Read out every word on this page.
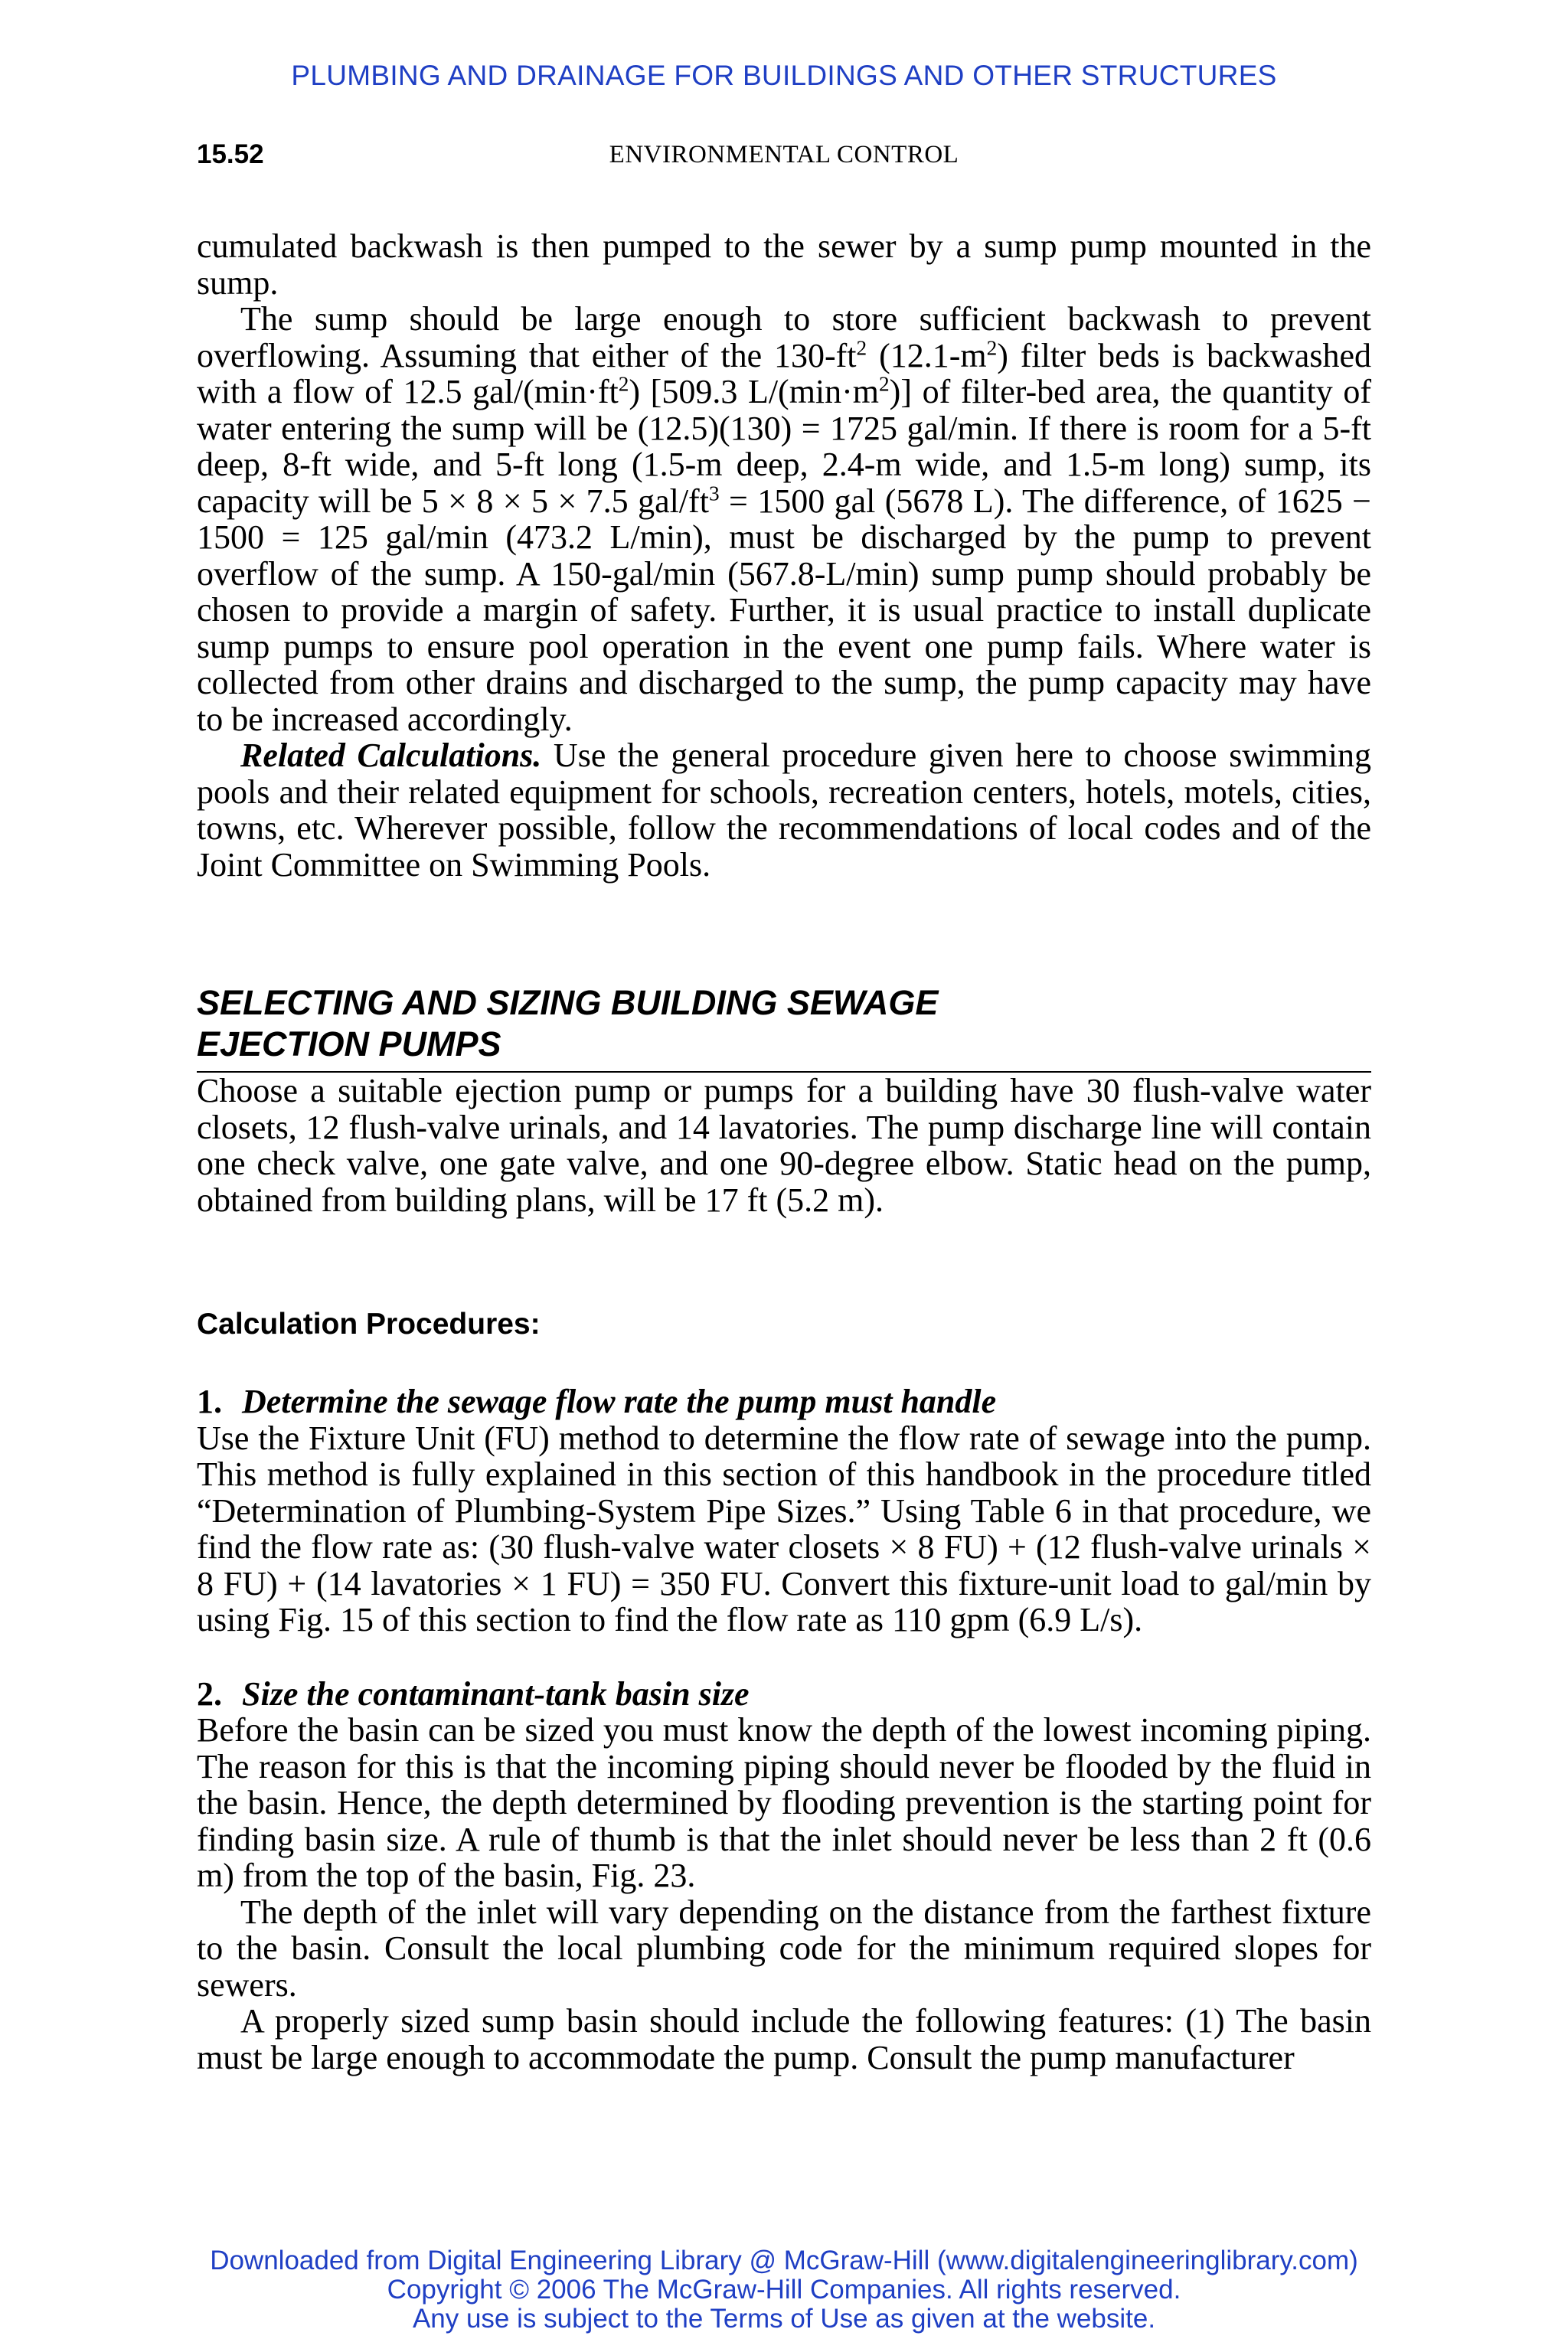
PLUMBING AND DRAINAGE FOR BUILDINGS AND OTHER STRUCTURES
15.52	ENVIRONMENTAL CONTROL

cumulated backwash is then pumped to the sewer by a sump pump mounted in the sump.

The sump should be large enough to store sufficient backwash to prevent overflowing. Assuming that either of the $130-ft^2$ $(12.1-m^2)$ filter beds is backwashed with a flow of 12.5 gal/$(\min\cdot ft^2)$ [509.3 $L/(\min\cdot m^2)$] of filter-bed area, the quantity of water entering the sump will be (12.5)(130) = 1725 gal/min. If there is room for a 5-ft deep, 8-ft wide, and 5-ft long (1.5-m deep, 2.4-m wide, and 1.5-m long) sump, its capacity will be 5 × 8 × 5 × 7.5 gal/$ft^3 = 1500$ gal (5678 L). The difference, of 1625 − 1500 = 125 gal/min (473.2 L/min), must be discharged by the pump to prevent overflow of the sump. A 150-gal/min (567.8-L/min) sump pump should probably be chosen to provide a margin of safety. Further, it is usual practice to install duplicate sump pumps to ensure pool operation in the event one pump fails. Where water is collected from other drains and discharged to the sump, the pump capacity may have to be increased accordingly.

Related Calculations. Use the general procedure given here to choose swimming pools and their related equipment for schools, recreation centers, hotels, motels, cities, towns, etc. Wherever possible, follow the recommendations of local codes and of the Joint Committee on Swimming Pools.

SELECTING AND SIZING BUILDING SEWAGE
EJECTION PUMPS

Choose a suitable ejection pump or pumps for a building have 30 flush-valve water closets, 12 flush-valve urinals, and 14 lavatories. The pump discharge line will contain one check valve, one gate valve, and one 90-degree elbow. Static head on the pump, obtained from building plans, will be 17 ft (5.2 m).

Calculation Procedures:
1. Determine the sewage flow rate the pump must handle

Use the Fixture Unit (FU) method to determine the flow rate of sewage into the pump. This method is fully explained in this section of this handbook in the procedure titled “Determination of Plumbing-System Pipe Sizes.” Using Table 6 in that procedure, we find the flow rate as: (30 flush-valve water closets × 8 FU) + (12 flush-valve urinals × 8 FU) + (14 lavatories × 1 FU) = 350 FU. Convert this fixture-unit load to gal/min by using Fig. 15 of this section to find the flow rate as 110 gpm (6.9 L/s).

2. Size the contaminant-tank basin size

Before the basin can be sized you must know the depth of the lowest incoming piping. The reason for this is that the incoming piping should never be flooded by the fluid in the basin. Hence, the depth determined by flooding prevention is the starting point for finding basin size. A rule of thumb is that the inlet should never be less than 2 ft (0.6 m) from the top of the basin, Fig. 23.

The depth of the inlet will vary depending on the distance from the farthest fixture to the basin. Consult the local plumbing code for the minimum required slopes for sewers.

A properly sized sump basin should include the following features: (1) The basin must be large enough to accommodate the pump. Consult the pump manufacturer

Downloaded from Digital Engineering Library @ McGraw-Hill (www.digitalengineeringlibrary.com)
Copyright © 2006 The McGraw-Hill Companies. All rights reserved.
Any use is subject to the Terms of Use as given at the website.
